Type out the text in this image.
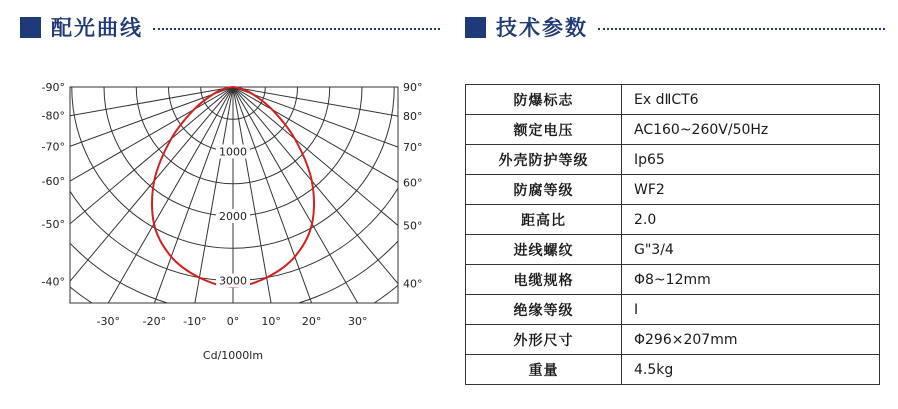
配光曲线	技术参数
1000
2000
3000
-90°	90°
-80°	80°
-70°	70°
-60°	60°
-50°	50°
-40°	40°
-30° -20° -10° 0° 10° 20° 30°
Cd/1000lm
防爆标志	Ex dⅡCT6
额定电压	AC160~260V/50Hz
外壳防护等级	Ip65
防腐等级	WF2
距高比	2.0
进线螺纹	G"3/4
电缆规格	Φ8~12mm
绝缘等级	Ⅰ
外形尺寸	Φ296×207mm
重量	4.5kg
